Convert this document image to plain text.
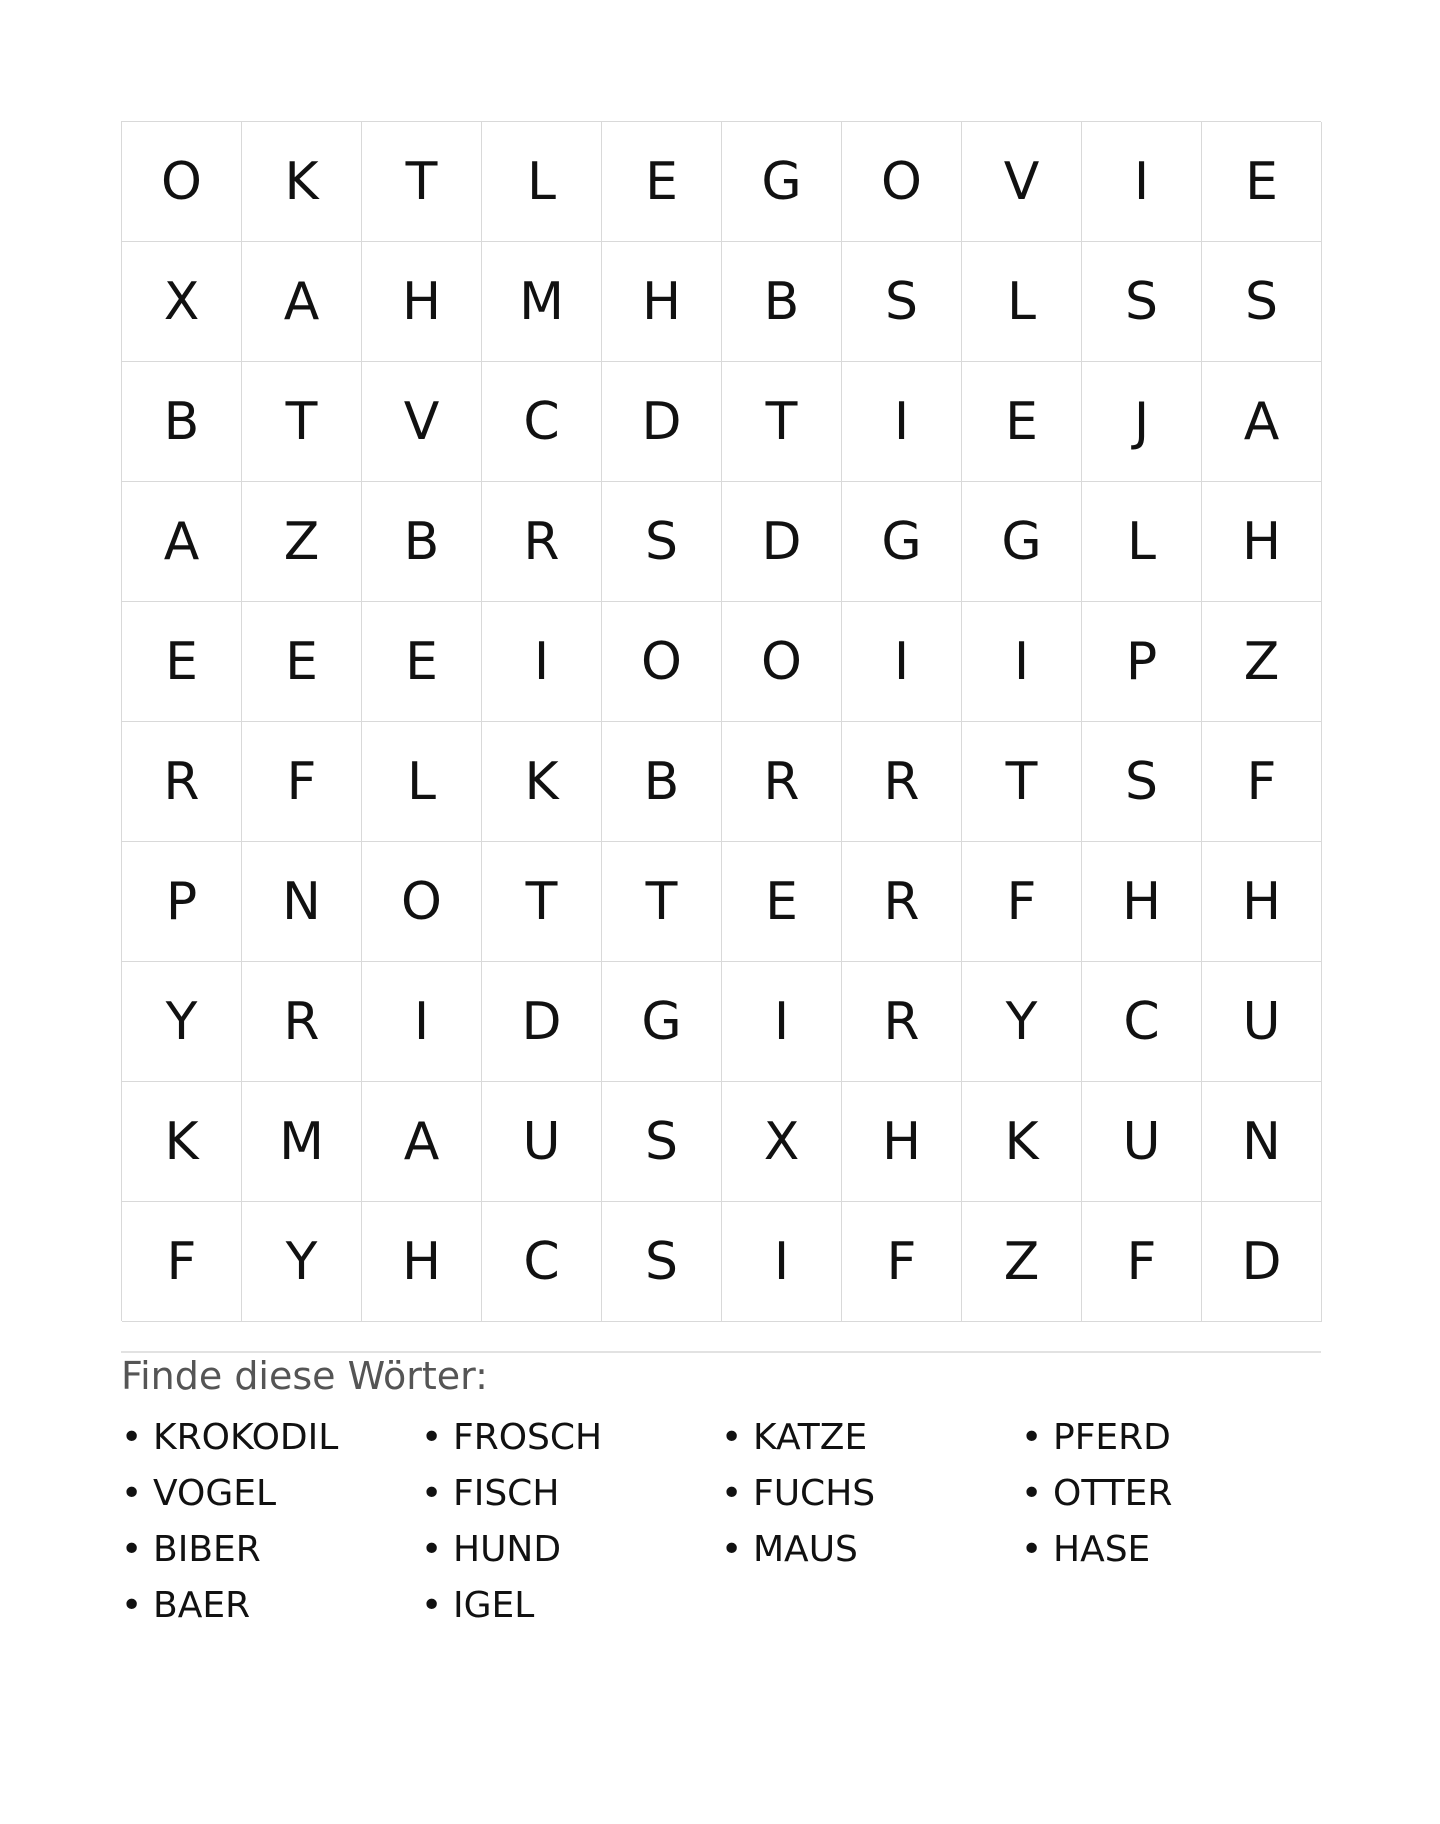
O	K	T	L	E	G	O	V	I	E
X	A	H	M	H	B	S	L	S	S
B	T	V	C	D	T	I	E	J	A
A	Z	B	R	S	D	G	G	L	H
E	E	E	I	O	O	I	I	P	Z
R	F	L	K	B	R	R	T	S	F
P	N	O	T	T	E	R	F	H	H
Y	R	I	D	G	I	R	Y	C	U
K	M	A	U	S	X	H	K	U	N
F	Y	H	C	S	I	F	Z	F	D
Finde diese Wörter:
• KROKODIL	• FROSCH	• KATZE	• PFERD
• VOGEL	• FISCH	• FUCHS	• OTTER
• BIBER	• HUND	• MAUS	• HASE
• BAER	• IGEL
